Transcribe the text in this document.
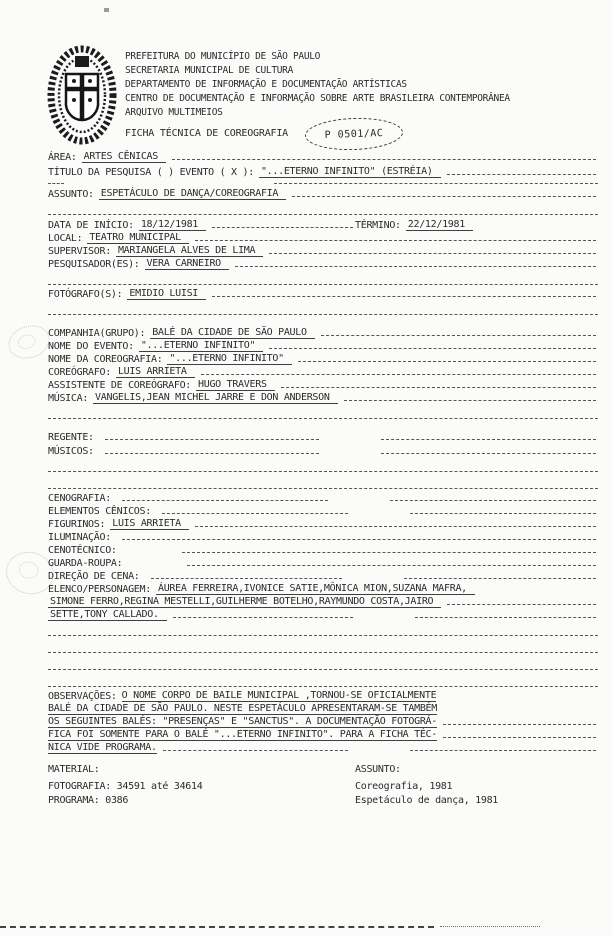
PREFEITURA DO MUNICÍPIO DE SÃO PAULO
SECRETARIA MUNICIPAL DE CULTURA
DEPARTAMENTO DE INFORMAÇÃO E DOCUMENTAÇÃO ARTÍSTICAS
CENTRO DE DOCUMENTAÇÃO E INFORMAÇÃO SOBRE ARTE BRASILEIRA CONTEMPORÂNEA
ARQUIVO MULTIMEIOS
FICHA TÉCNICA DE COREOGRAFIA	P 0501/AC
ÁREA: ARTES CÊNICAS
TÍTULO DA PESQUISA ( ) EVENTO ( X ): "...ETERNO INFINITO" (ESTRÉIA)
ASSUNTO: ESPETÁCULO DE DANÇA/COREOGRAFIA
DATA DE INÍCIO: 18/12/1981	TÉRMINO: 22/12/1981
LOCAL: TEATRO MUNICIPAL
SUPERVISOR: MARIANGELA ALVES DE LIMA
PESQUISADOR(ES): VERA CARNEIRO
FOTÓGRAFO(S): EMIDIO LUISI
COMPANHIA(GRUPO): BALÉ DA CIDADE DE SÃO PAULO
NOME DO EVENTO: "...ETERNO INFINITO"
NOME DA COREOGRAFIA: "...ETERNO INFINITO"
COREÓGRAFO: LUIS ARRIETA
ASSISTENTE DE COREÓGRAFO: HUGO TRAVERS
MÚSICA: VANGELIS,JEAN MICHEL JARRE E DON ANDERSON
REGENTE:
MÚSICOS:
CENOGRAFIA:
ELEMENTOS CÊNICOS:
FIGURINOS: LUIS ARRIETA
ILUMINAÇÃO:
CENOTÉCNICO:
GUARDA-ROUPA:
DIREÇÃO DE CENA:
ELENCO/PERSONAGEM: ÁUREA FERREIRA,IVONICE SATIE,MÔNICA MION,SUZANA MAFRA,
SIMONE FERRO,REGINA MESTELLI,GUILHERME BOTELHO,RAYMUNDO COSTA,JAIRO
SETTE,TONY CALLADO.
OBSERVAÇÕES: O NOME CORPO DE BAILE MUNICIPAL ,TORNOU-SE OFICIALMENTE
BALÉ DA CIDADE DE SÃO PAULO. NESTE ESPETÁCULO APRESENTARAM-SE TAMBÉM
OS SEGUINTES BALÉS: "PRESENÇAS" E "SANCTUS". A DOCUMENTAÇÃO FOTOGRÁ-
FICA FOI SOMENTE PARA O BALÉ "...ETERNO INFINITO". PARA A FICHA TÉC-
NICA VIDE PROGRAMA.
MATERIAL:	ASSUNTO:
FOTOGRAFIA: 34591 até 34614	Coreografia, 1981
PROGRAMA: 0386	Espetáculo de dança, 1981
